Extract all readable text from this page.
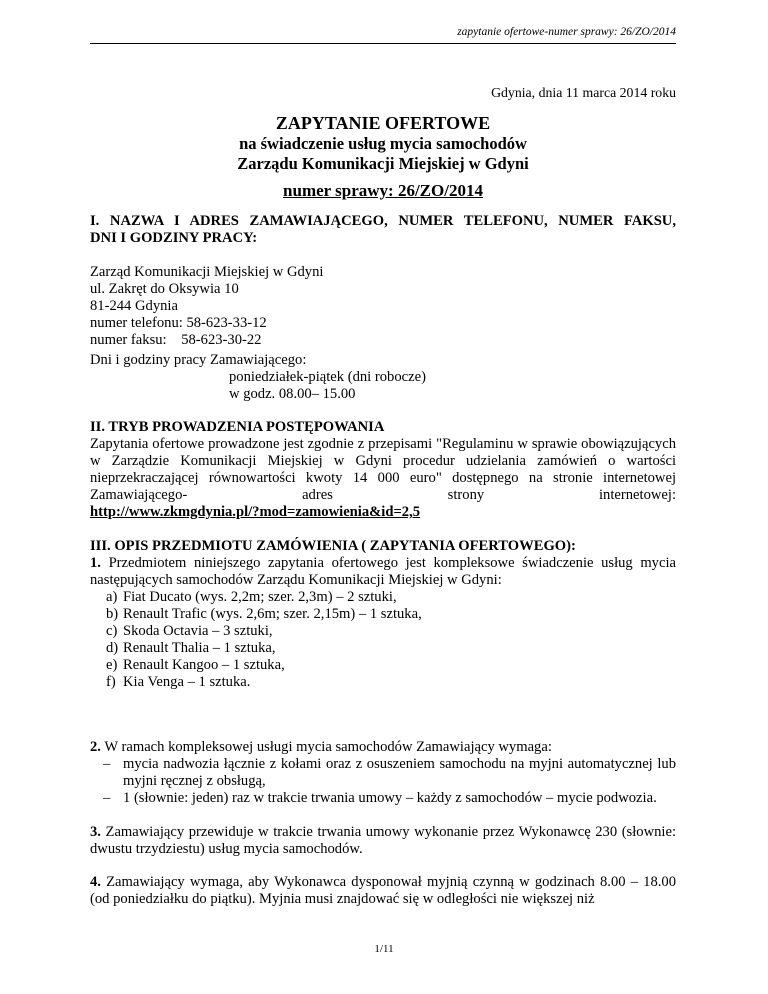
zapytanie ofertowe-numer sprawy: 26/ZO/2014
Gdynia, dnia 11 marca 2014 roku
ZAPYTANIE OFERTOWE
na świadczenie usług mycia samochodów
Zarządu Komunikacji Miejskiej w Gdyni
numer sprawy: 26/ZO/2014
I. NAZWA I ADRES ZAMAWIAJĄCEGO, NUMER TELEFONU, NUMER FAKSU,
DNI I GODZINY PRACY:
Zarząd Komunikacji Miejskiej w Gdyni
ul. Zakręt do Oksywia 10
81-244 Gdynia
numer telefonu: 58-623-33-12
numer faksu:    58-623-30-22
Dni i godziny pracy Zamawiającego:
poniedziałek-piątek (dni robocze)
w godz. 08.00– 15.00
II. TRYB PROWADZENIA POSTĘPOWANIA
Zapytania ofertowe prowadzone jest zgodnie z przepisami "Regulaminu w sprawie obowiązujących w Zarządzie Komunikacji Miejskiej w Gdyni procedur udzielania zamówień o wartości nieprzekraczającej równowartości kwoty 14 000 euro" dostępnego na stronie internetowej Zamawiającego- adres strony internetowej:
http://www.zkmgdynia.pl/?mod=zamowienia&id=2,5
III. OPIS PRZEDMIOTU ZAMÓWIENIA ( ZAPYTANIA OFERTOWEGO):
1. Przedmiotem niniejszego zapytania ofertowego jest kompleksowe świadczenie usług mycia następujących samochodów Zarządu Komunikacji Miejskiej w Gdyni:
a) Fiat Ducato (wys. 2,2m; szer. 2,3m) – 2 sztuki,
b) Renault Trafic (wys. 2,6m; szer. 2,15m) – 1 sztuka,
c) Skoda Octavia – 3 sztuki,
d) Renault Thalia – 1 sztuka,
e) Renault Kangoo – 1 sztuka,
f) Kia Venga – 1 sztuka.
2. W ramach kompleksowej usługi mycia samochodów Zamawiający wymaga:
– mycia nadwozia łącznie z kołami oraz z osuszeniem samochodu na myjni automatycznej lub myjni ręcznej z obsługą,
– 1 (słownie: jeden) raz w trakcie trwania umowy – każdy z samochodów – mycie podwozia.
3. Zamawiający przewiduje w trakcie trwania umowy wykonanie przez Wykonawcę 230 (słownie: dwustu trzydziestu) usług mycia samochodów.
4. Zamawiający wymaga, aby Wykonawca dysponował myjnią czynną w godzinach 8.00 – 18.00 (od poniedziałku do piątku). Myjnia musi znajdować się w odległości nie większej niż
1/11
